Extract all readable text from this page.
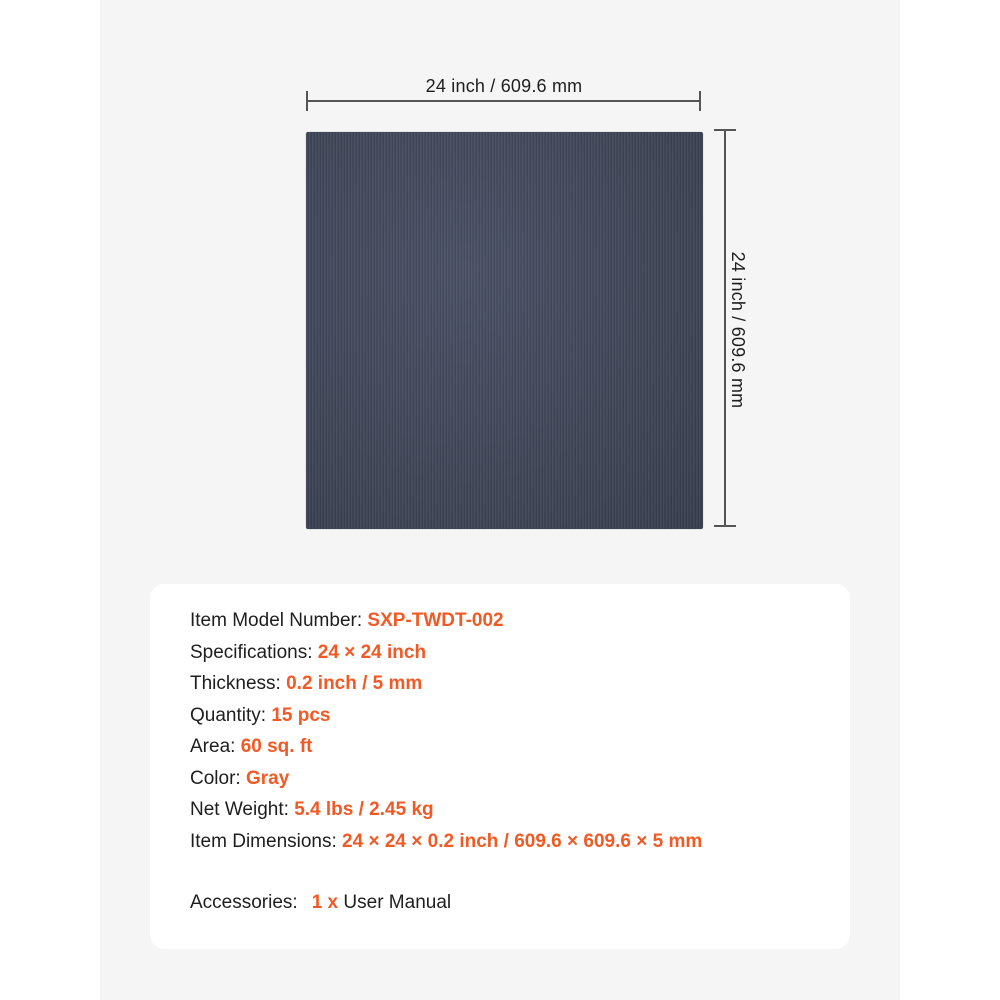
24 inch / 609.6 mm
24 inch / 609.6 mm
Item Model Number: SXP-TWDT-002
Specifications: 24 × 24 inch
Thickness: 0.2 inch / 5 mm
Quantity: 15 pcs
Area: 60 sq. ft
Color: Gray
Net Weight: 5.4 lbs / 2.45 kg
Item Dimensions: 24 × 24 × 0.2 inch / 609.6 × 609.6 × 5 mm
Accessories: 1 x User Manual
